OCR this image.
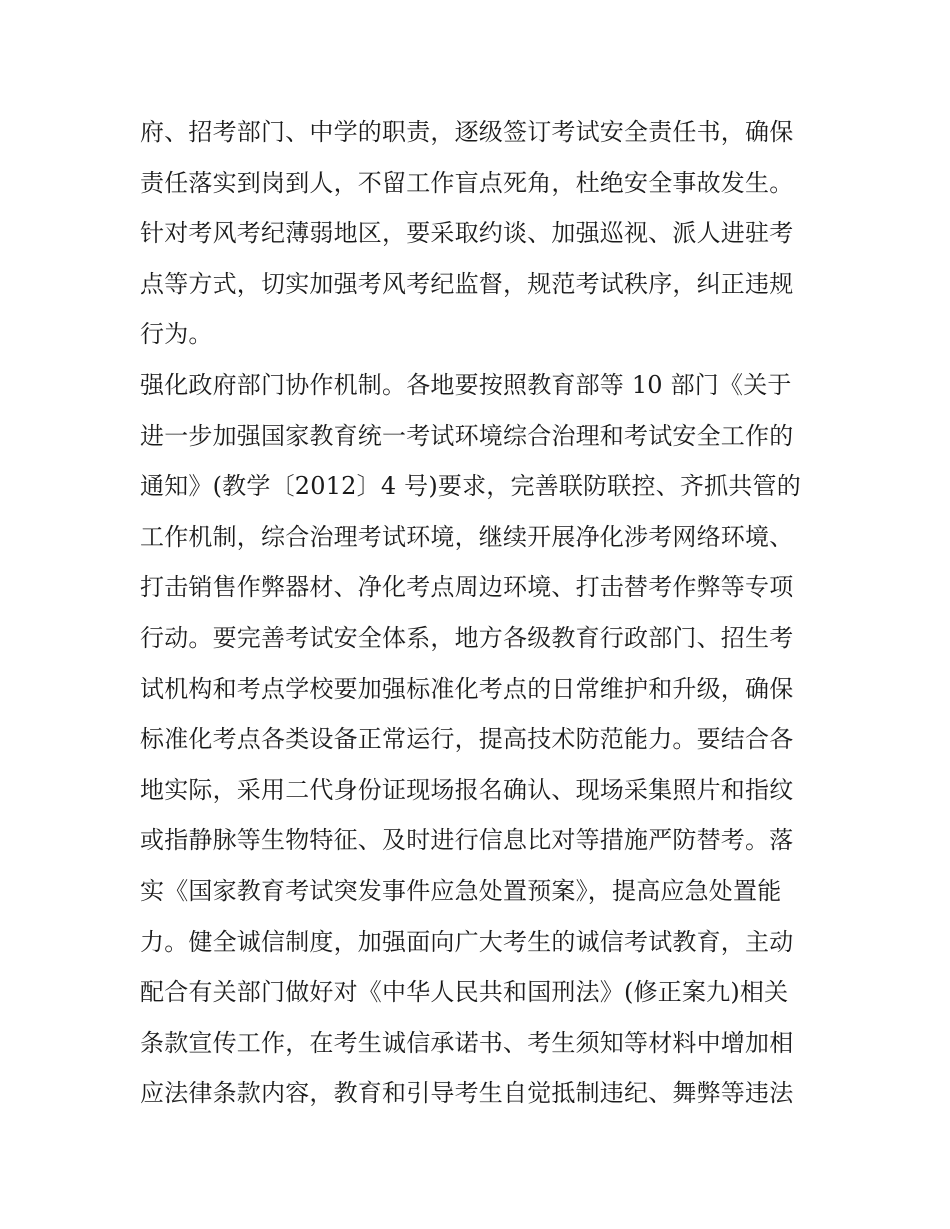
府、招考部门、中学的职责，逐级签订考试安全责任书，确保
责任落实到岗到人，不留工作盲点死角，杜绝安全事故发生。
针对考风考纪薄弱地区，要采取约谈、加强巡视、派人进驻考
点等方式，切实加强考风考纪监督，规范考试秩序，纠正违规
行为。
强化政府部门协作机制。各地要按照教育部等 10 部门《关于
进一步加强国家教育统一考试环境综合治理和考试安全工作的
通知》(教学〔2012〕4 号)要求，完善联防联控、齐抓共管的
工作机制，综合治理考试环境，继续开展净化涉考网络环境、
打击销售作弊器材、净化考点周边环境、打击替考作弊等专项
行动。要完善考试安全体系，地方各级教育行政部门、招生考
试机构和考点学校要加强标准化考点的日常维护和升级，确保
标准化考点各类设备正常运行，提高技术防范能力。要结合各
地实际，采用二代身份证现场报名确认、现场采集照片和指纹
或指静脉等生物特征、及时进行信息比对等措施严防替考。落
实《国家教育考试突发事件应急处置预案》，提高应急处置能
力。健全诚信制度，加强面向广大考生的诚信考试教育，主动
配合有关部门做好对《中华人民共和国刑法》(修正案九)相关
条款宣传工作，在考生诚信承诺书、考生须知等材料中增加相
应法律条款内容，教育和引导考生自觉抵制违纪、舞弊等违法
